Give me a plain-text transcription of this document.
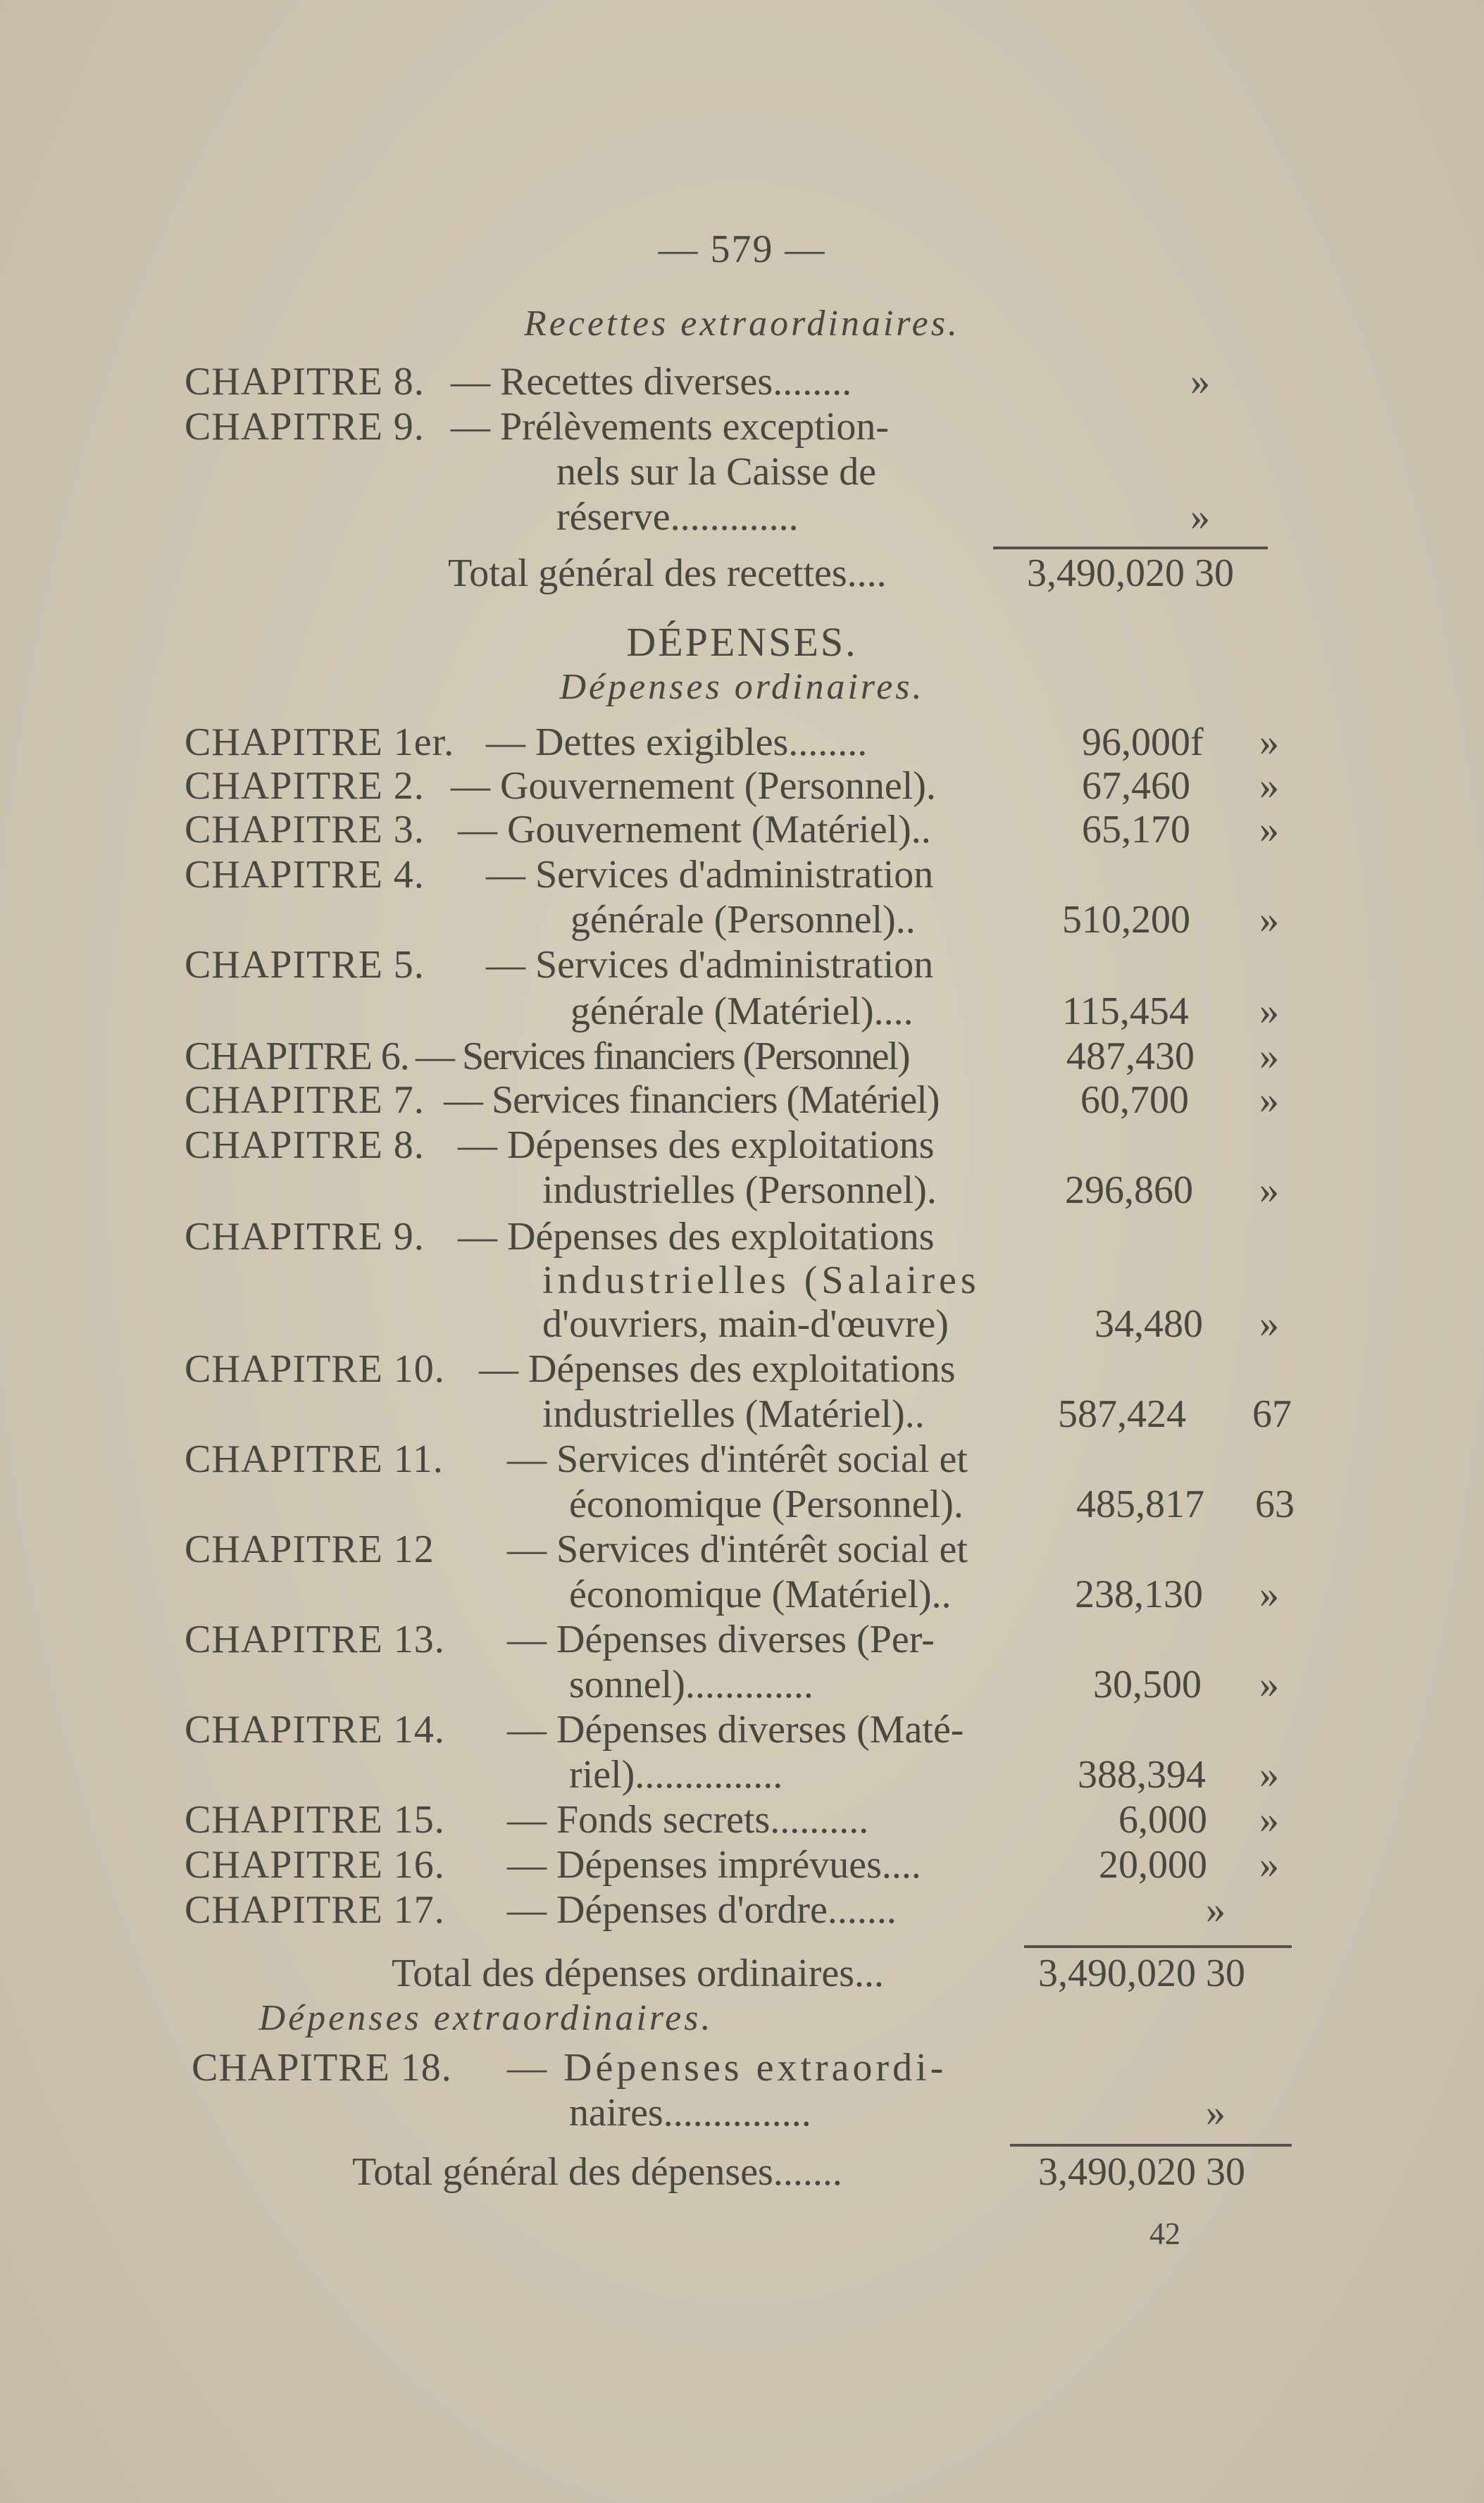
— 579 —
Recettes extraordinaires.
CHAPITRE 8. — Recettes diverses........	»
CHAPITRE 9. — Prélèvements exception-
nels sur la Caisse de
réserve.............	»
Total général des recettes....	3,490,020 30
DÉPENSES.
Dépenses ordinaires.
CHAPITRE 1er. — Dettes exigibles........	96,000f »
CHAPITRE 2. — Gouvernement (Personnel).	67,460 »
CHAPITRE 3. — Gouvernement (Matériel)..	65,170 »
CHAPITRE 4. — Services d'administration
générale (Personnel)..	510,200 »
CHAPITRE 5. — Services d'administration
générale (Matériel)....	115,454 »
CHAPITRE 6. — Services financiers (Personnel)	487,430 »
CHAPITRE 7. — Services financiers (Matériel)	60,700 »
CHAPITRE 8. — Dépenses des exploitations
industrielles (Personnel).	296,860 »
CHAPITRE 9. — Dépenses des exploitations
industrielles (Salaires
d'ouvriers, main-d'œuvre)	34,480 »
CHAPITRE 10. — Dépenses des exploitations
industrielles (Matériel)..	587,424 67
CHAPITRE 11. — Services d'intérêt social et
économique (Personnel).	485,817 63
CHAPITRE 12 — Services d'intérêt social et
économique (Matériel)..	238,130 »
CHAPITRE 13. — Dépenses diverses (Per-
sonnel).............	30,500 »
CHAPITRE 14. — Dépenses diverses (Maté-
riel)...............	388,394 »
CHAPITRE 15. — Fonds secrets..........	6,000 »
CHAPITRE 16. — Dépenses imprévues....	20,000 »
CHAPITRE 17. — Dépenses d'ordre.......	»
Total des dépenses ordinaires...	3,490,020 30
Dépenses extraordinaires.
CHAPITRE 18. — Dépenses extraordi-
naires...............	»
Total général des dépenses.......	3,490,020 30
42
